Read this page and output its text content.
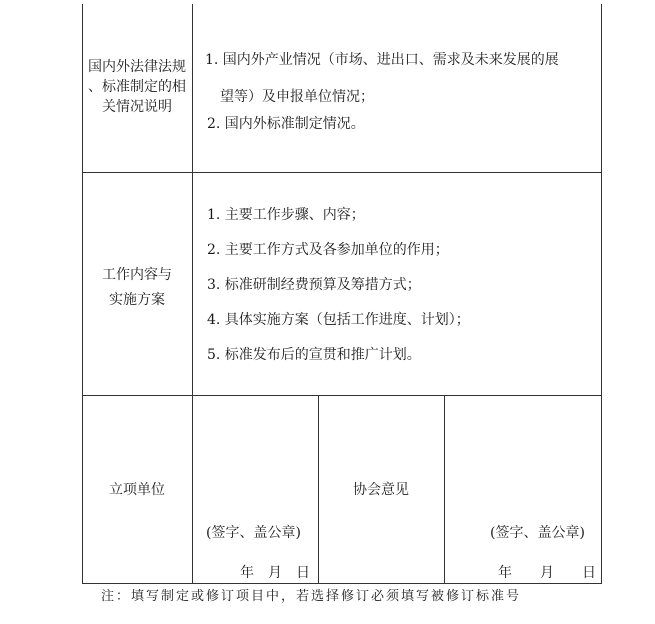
国内外法律法规
、标准制定的相
关情况说明
1. 国内外产业情况（市场、进出口、需求及未来发展的展
望等）及申报单位情况；
2. 国内外标准制定情况。
工作内容与
实施方案
1. 主要工作步骤、内容；
2. 主要工作方式及各参加单位的作用；
3. 标准研制经费预算及筹措方式；
4. 具体实施方案（包括工作进度、计划）；
5. 标准发布后的宣贯和推广计划。
立项单位
(签字、盖公章)
年　月　日
协会意见
(签字、盖公章)
年　　月　　日
注：填写制定或修订项目中，若选择修订必须填写被修订标准号
